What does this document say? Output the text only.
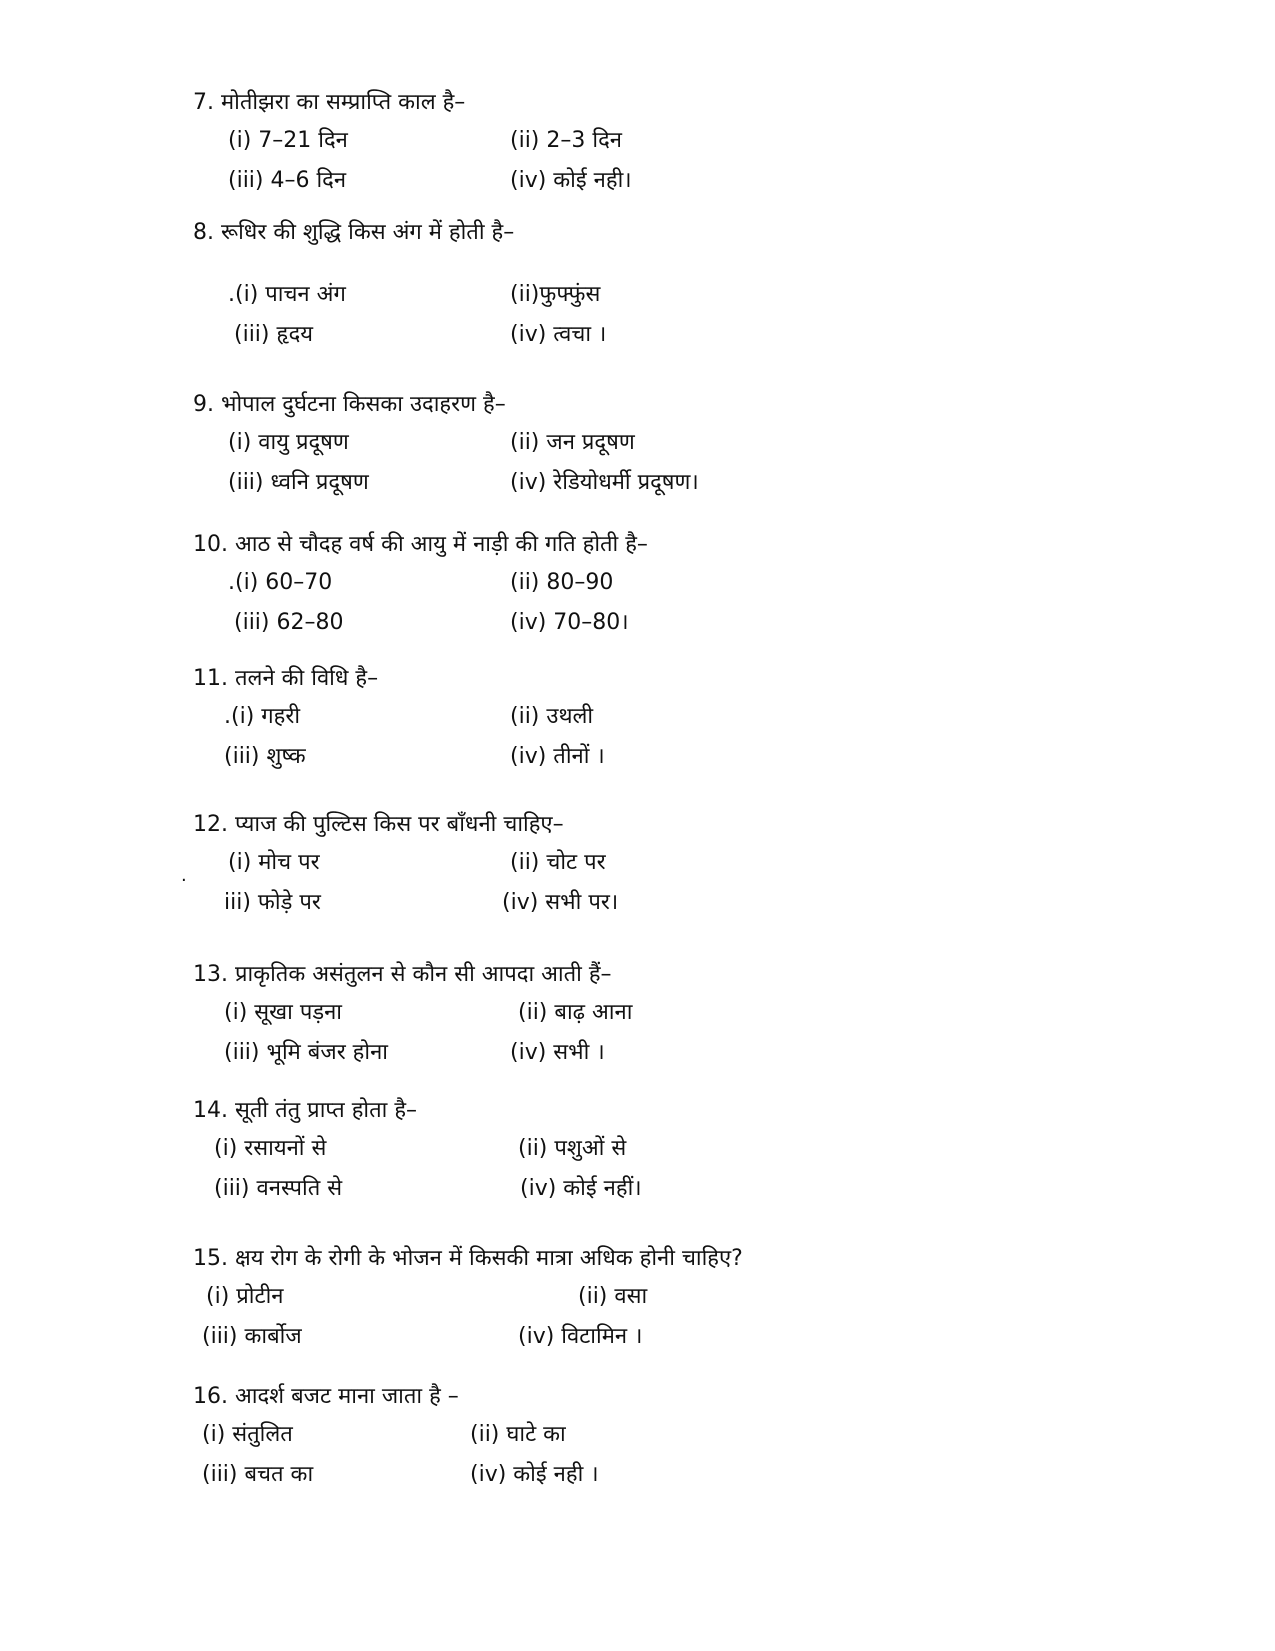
7. मोतीझरा का सम्प्राप्ति काल है–
(i) 7–21 दिन	(ii) 2–3 दिन
(iii) 4–6 दिन	(iv) कोई नही।
8. रूधिर की शुद्धि किस अंग में होती है–
.(i) पाचन अंग	(ii)फुफ्फुंस
(iii) हृदय	(iv) त्वचा ।
9. भोपाल दुर्घटना किसका उदाहरण है–
(i) वायु प्रदूषण	(ii) जन प्रदूषण
(iii) ध्वनि प्रदूषण	(iv) रेडियोधर्मी प्रदूषण।
10. आठ से चौदह वर्ष की आयु में नाड़ी की गति होती है–
.(i) 60–70	(ii) 80–90
(iii) 62–80	(iv) 70–80।
11. तलने की विधि है–
.(i) गहरी	(ii) उथली
(iii) शुष्क	(iv) तीनों ।
12. प्याज की पुल्टिस किस पर बाँधनी चाहिए–
(i) मोच पर	(ii) चोट पर
iii) फोड़े पर	(iv) सभी पर।
.
13. प्राकृतिक असंतुलन से कौन सी आपदा आती हैं–
(i) सूखा पड़ना	(ii) बाढ़ आना
(iii) भूमि बंजर होना	(iv) सभी ।
14. सूती तंतु प्राप्त होता है–
(i) रसायनों से	(ii) पशुओं से
(iii) वनस्पति से	(iv) कोई नहीं।
15. क्षय रोग के रोगी के भोजन में किसकी मात्रा अधिक होनी चाहिए?
(i) प्रोटीन	(ii) वसा
(iii) कार्बोज	(iv) विटामिन ।
16. आदर्श बजट माना जाता है –
(i) संतुलित	(ii) घाटे का
(iii) बचत का	(iv) कोई नही ।
